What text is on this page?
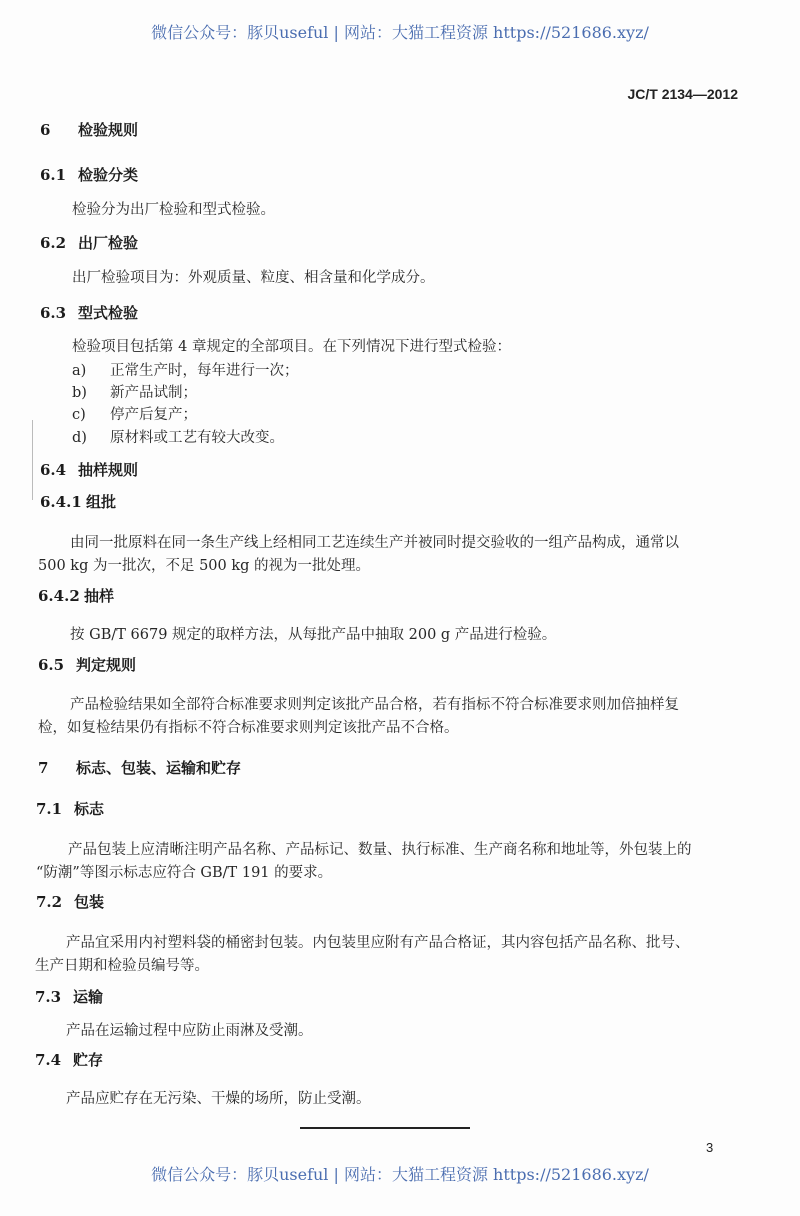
微信公众号：豚贝useful | 网站：大猫工程资源 https://521686.xyz/
JC/T 2134—2012
6 检验规则
6.1 检验分类
检验分为出厂检验和型式检验。
6.2 出厂检验
出厂检验项目为：外观质量、粒度、相含量和化学成分。
6.3 型式检验
检验项目包括第 4 章规定的全部项目。在下列情况下进行型式检验：
a) 正常生产时，每年进行一次；
b) 新产品试制；
c) 停产后复产；
d) 原材料或工艺有较大改变。
6.4 抽样规则
6.4.1 组批
由同一批原料在同一条生产线上经相同工艺连续生产并被同时提交验收的一组产品构成，通常以
500 kg 为一批次，不足 500 kg 的视为一批处理。
6.4.2 抽样
按 GB/T 6679 规定的取样方法，从每批产品中抽取 200 g 产品进行检验。
6.5 判定规则
产品检验结果如全部符合标准要求则判定该批产品合格，若有指标不符合标准要求则加倍抽样复
检，如复检结果仍有指标不符合标准要求则判定该批产品不合格。
7 标志、包装、运输和贮存
7.1 标志
产品包装上应清晰注明产品名称、产品标记、数量、执行标准、生产商名称和地址等，外包装上的
“防潮”等图示标志应符合 GB/T 191 的要求。
7.2 包装
产品宜采用内衬塑料袋的桶密封包装。内包装里应附有产品合格证，其内容包括产品名称、批号、
生产日期和检验员编号等。
7.3 运输
产品在运输过程中应防止雨淋及受潮。
7.4 贮存
产品应贮存在无污染、干燥的场所，防止受潮。
3
微信公众号：豚贝useful | 网站：大猫工程资源 https://521686.xyz/
